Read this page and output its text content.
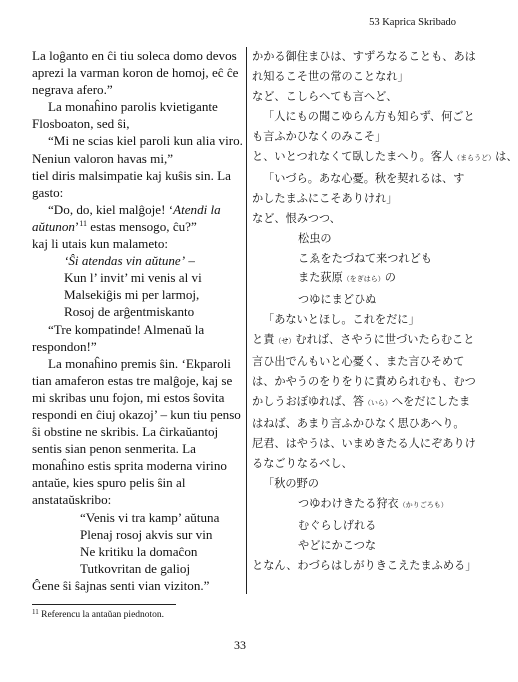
53 Kaprica Skribado
La loĝanto en ĉi tiu soleca domo devos
aprezi la varman koron de homoj, eĉ ĉe
negrava afero.”
La monaĥino parolis kvietigante
Flosboaton, sed ŝi,
“Mi ne scias kiel paroli kun alia viro.
Neniun valoron havas mi,”
tiel diris malsimpatie kaj kuŝis sin. La
gasto:
“Do, do, kiel malĝoje! ‘Atendi la
aŭtunon’$^{11}$ estas mensogo, ĉu?”
kaj li utais kun malameto:
‘Ŝi atendas vin aŭtune’ –
Kun l’ invit’ mi venis al vi
Malsekiĝis mi per larmoj,
Rosoj de arĝentmiskanto
“Tre kompatinde! Almenaŭ la
respondon!”
La monaĥino premis ŝin. ‘Ekparoli
tian amaferon estas tre malĝoje, kaj se
mi skribas unu fojon, mi estos ŝovita
respondi en ĉiuj okazoj’ – kun tiu penso
ŝi obstine ne skribis. La ĉirkaŭantoj
sentis sian penon senmerita. La
monaĥino estis sprita moderna virino
antaŭe, kies spuro pelis ŝin al
anstataŭskribo:
“Venis vi tra kamp’ aŭtuna
Plenaj rosoj akvis sur vin
Ne kritiku la domaĉon
Tutkovritan de galioj
Ĝene ŝi ŝajnas senti vian viziton.”
かかる御住まひは、すずろなることも、あは
れ知るこそ世の常のことなれ」
など、こしらへても言へど、
「人にもの聞こゆらん方も知らず、何ごと
も言ふかひなくのみこそ」
と、いとつれなくて臥したまへり。客人（まらうど）は、
「いづら。あな心憂。秋を契れるは、す
かしたまふにこそありけれ」
など、恨みつつ、
松虫の
こゑをたづねて来つれども
また荻原（をぎはら）の
つゆにまどひぬ
「あないとほし。これをだに」
と責（せ）むれば、さやうに世づいたらむこと
言ひ出でんもいと心憂く、また言ひそめて
は、かやうのをりをりに責められむも、むつ
かしうおぼゆれば、答（いら）へをだにしたま
はねば、あまり言ふかひなく思ひあへり。
尼君、はやうは、いまめきたる人にぞありけ
るなごりなるべし、
「秋の野の
つゆわけきたる狩衣（かりごろも）
むぐらしげれる
やどにかこつな
となん、わづらはしがりきこえたまふめる」
$^{11}$ Referencu la antaŭan piednoton.
33
